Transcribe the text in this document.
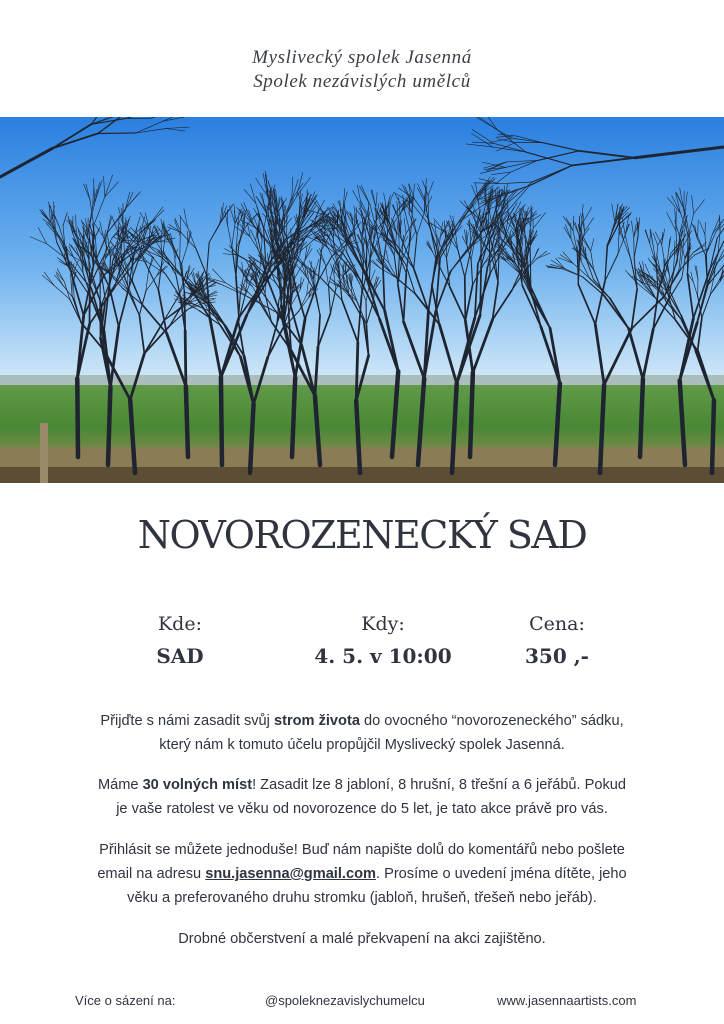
Myslivecký spolek Jasenná
Spolek nezávislých umělců
NOVOROZENECKÝ SAD
Kde:
SAD
Kdy:
4. 5. v 10:00
Cena:
350 ,-
Přijďte s námi zasadit svůj strom života do ovocného “novorozeneckého” sádku,
který nám k tomuto účelu propůjčil Myslivecký spolek Jasenná.
Máme 30 volných míst! Zasadit lze 8 jabloní, 8 hrušní, 8 třešní a 6 jeřábů. Pokud
je vaše ratolest ve věku od novorozence do 5 let, je tato akce právě pro vás.
Přihlásit se můžete jednoduše! Buď nám napište dolů do komentářů nebo pošlete
email na adresu snu.jasenna@gmail.com. Prosíme o uvedení jména dítěte, jeho
věku a preferovaného druhu stromku (jabloň, hrušeň, třešeň nebo jeřáb).
Drobné občerstvení a malé překvapení na akci zajištěno.
Více o sázení na:	@spoleknezavislychumelcu	www.jasennaartists.com
